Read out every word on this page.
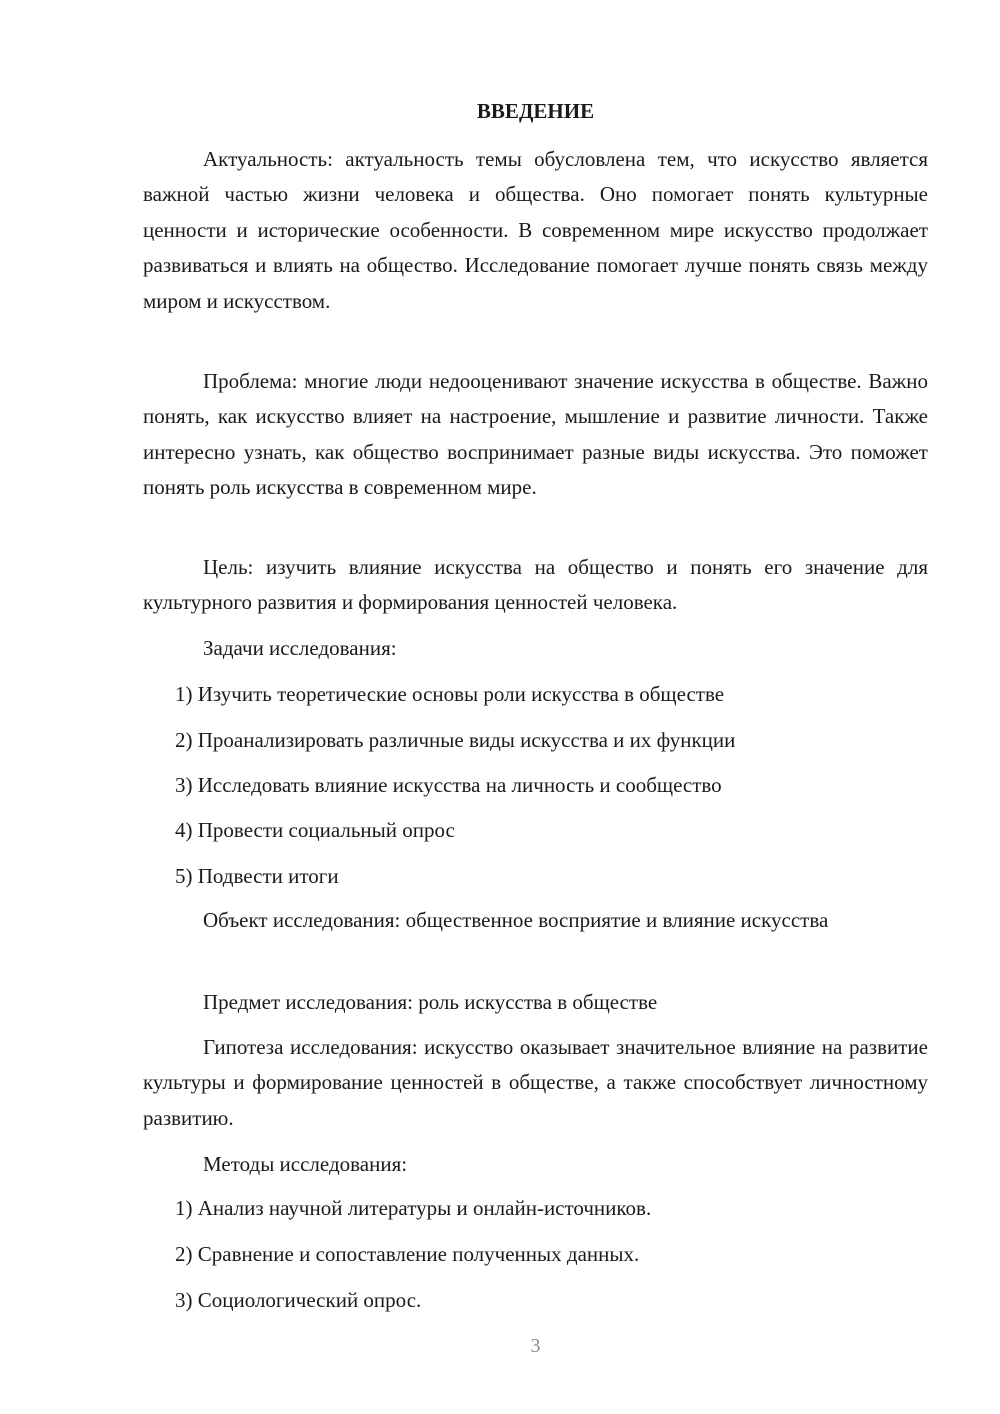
ВВЕДЕНИЕ

Актуальность: актуальность темы обусловлена тем, что искусство является важной частью жизни человека и общества. Оно помогает понять культурные ценности и исторические особенности. В современном мире искусство продолжает развиваться и влиять на общество. Исследование помогает лучше понять связь между миром и искусством.

Проблема: многие люди недооценивают значение искусства в обществе. Важно понять, как искусство влияет на настроение, мышление и развитие личности. Также интересно узнать, как общество воспринимает разные виды искусства. Это поможет понять роль искусства в современном мире.

Цель: изучить влияние искусства на общество и понять его значение для культурного развития и формирования ценностей человека.

Задачи исследования:

1) Изучить теоретические основы роли искусства в обществе

2) Проанализировать различные виды искусства и их функции

3) Исследовать влияние искусства на личность и сообщество

4) Провести социальный опрос

5) Подвести итоги

Объект исследования: общественное восприятие и влияние искусства

Предмет исследования: роль искусства в обществе

Гипотеза исследования: искусство оказывает значительное влияние на развитие культуры и формирование ценностей в обществе, а также способствует личностному развитию.

Методы исследования:

1) Анализ научной литературы и онлайн-источников.

2) Сравнение и сопоставление полученных данных.

3) Социологический опрос.

3
